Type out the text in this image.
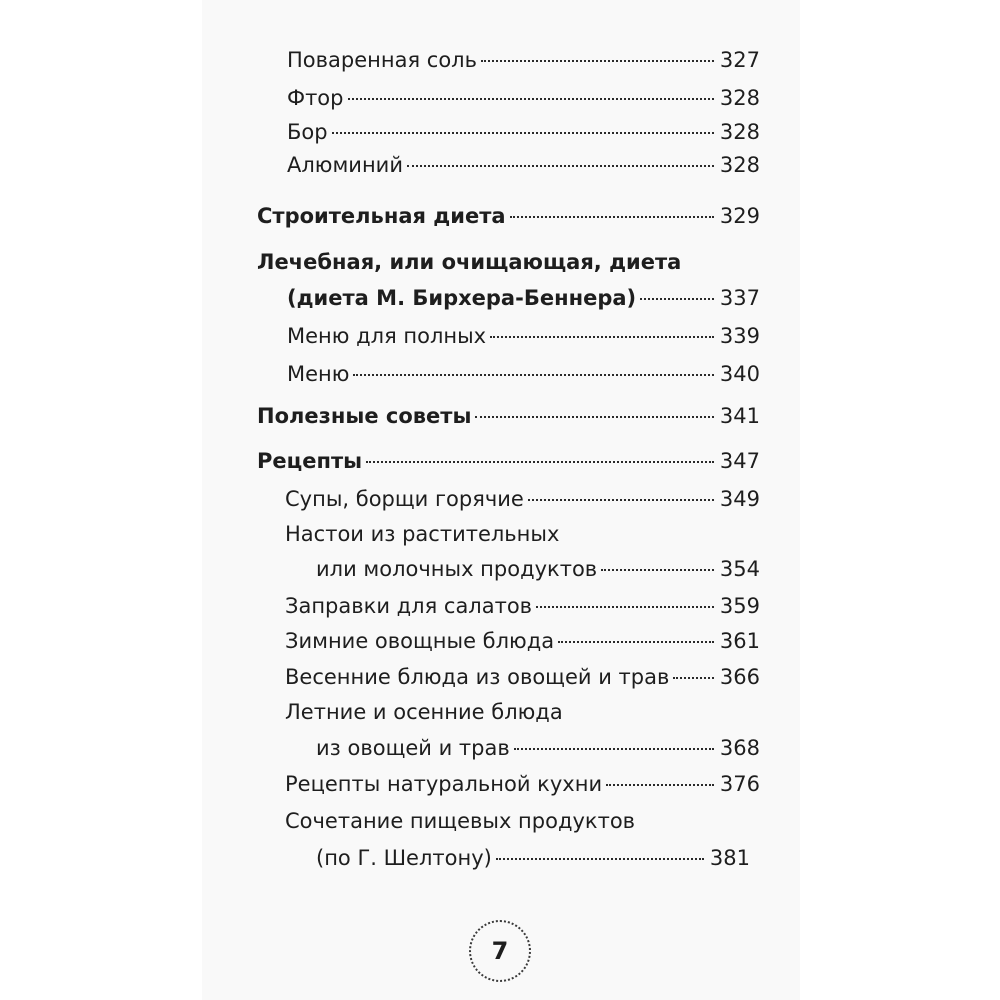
Поваренная соль	327
Фтор	328
Бор	328
Алюминий	328
Строительная диета	329
Лечебная, или очищающая, диета
(диета М. Бирхера-Беннера)	337
Меню для полных	339
Меню	340
Полезные советы	341
Рецепты	347
Супы, борщи горячие	349
Настои из растительных
или молочных продуктов	354
Заправки для салатов	359
Зимние овощные блюда	361
Весенние блюда из овощей и трав 366
Летние и осенние блюда
из овощей и трав	368
Рецепты натуральной кухни	376
Сочетание пищевых продуктов
(по Г. Шелтону)	381
7
